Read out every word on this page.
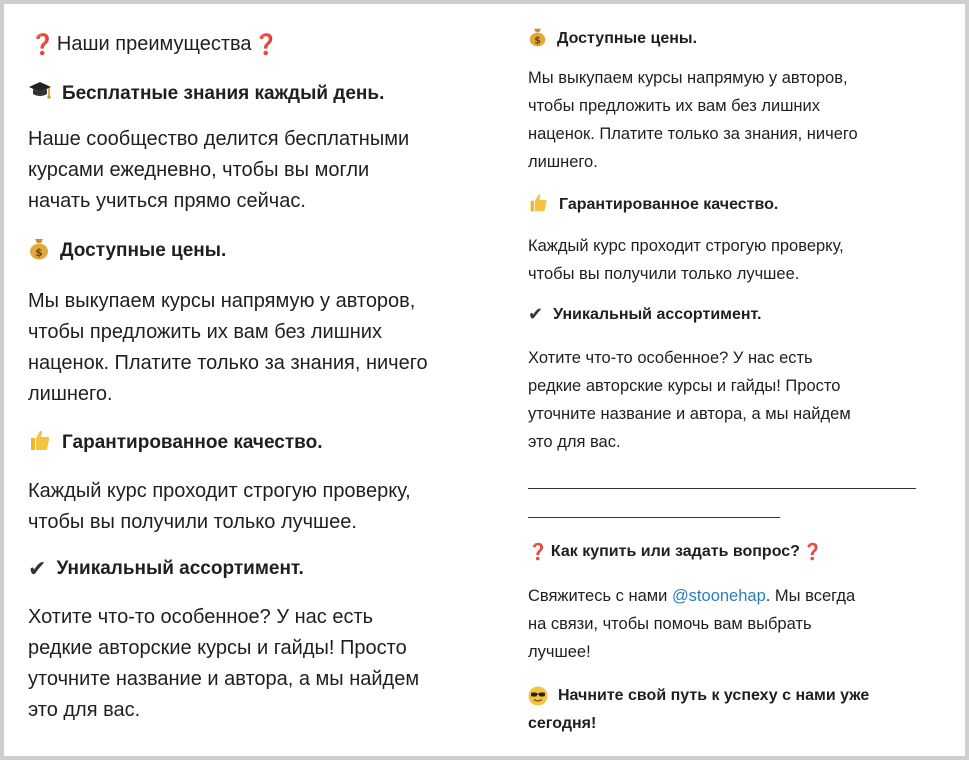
❓ Наши преимущества ❓
Бесплатные знания каждый день.
Наше сообщество делится бесплатными
курсами ежедневно, чтобы вы могли
начать учиться прямо сейчас.
$ Доступные цены.
Мы выкупаем курсы напрямую у авторов,
чтобы предложить их вам без лишних
наценок. Платите только за знания, ничего
лишнего.
Гарантированное качество.
Каждый курс проходит строгую проверку,
чтобы вы получили только лучшее.
✔ Уникальный ассортимент.
Хотите что-то особенное? У нас есть
редкие авторские курсы и гайды! Просто
уточните название и автора, а мы найдем
это для вас.
$ Доступные цены.
Мы выкупаем курсы напрямую у авторов,
чтобы предложить их вам без лишних
наценок. Платите только за знания, ничего
лишнего.
Гарантированное качество.
Каждый курс проходит строгую проверку,
чтобы вы получили только лучшее.
✔ Уникальный ассортимент.
Хотите что-то особенное? У нас есть
редкие авторские курсы и гайды! Просто
уточните название и автора, а мы найдем
это для вас.
❓ Как купить или задать вопрос? ❓
Свяжитесь с нами @stoonehap. Мы всегда
на связи, чтобы помочь вам выбрать
лучшее!
Начните свой путь к успеху с нами уже
сегодня!
